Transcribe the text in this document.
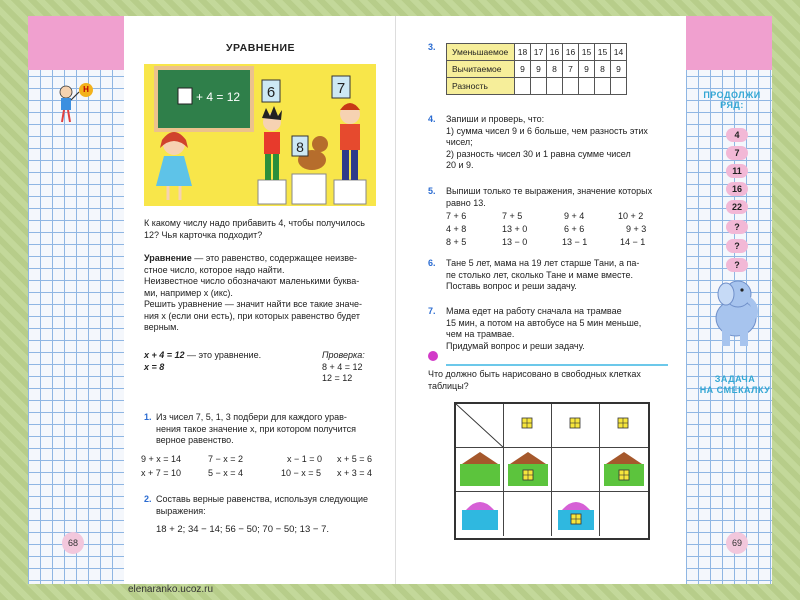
Н
УРАВНЕНИЕ
+ 4 = 12 6
8
7
К какому числу надо прибавить 4, чтобы получилось
12? Чья карточка подходит?
Уравнение — это равенство, содержащее неизве-
стное число, которое надо найти.
Неизвестное число обозначают маленькими буква-
ми, например x (икс).
Решить уравнение — значит найти все такие значе-
ния x (если они есть), при которых равенство будет
верным.
x + 4 = 12 — это уравнение.
x = 8
Проверка:
8 + 4 = 12
12 = 12
1. Из чисел 7, 5, 1, 3 подбери для каждого урав-
нения такое значение x, при котором получится
верное равенство.
9 + x = 14	7 − x = 2	x − 1 = 0 x + 5 = 6
x + 7 = 10	5 − x = 4	10 − x = 5 x + 3 = 4
2. Составь верные равенства, используя следующие
выражения:
18 + 2; 34 − 14; 56 − 50; 70 − 50; 13 − 7.
68
3. Уменьшаемое	18	17	16	16	15	15	14
Вычитаемое	9	9	8	7	9	8	9
Разность							
4. Запиши и проверь, что:
1) сумма чисел 9 и 6 больше, чем разность этих
чисел;
2) разность чисел 30 и 1 равна сумме чисел
20 и 9.
5. Выпиши только те выражения, значение которых
равно 13.
7 + 6	7 + 5	9 + 4	10 + 2
4 + 8	13 + 0	6 + 6	9 + 3
8 + 5	13 − 0	13 − 1	14 − 1
6. Тане 5 лет, мама на 19 лет старше Тани, а па-
пе столько лет, сколько Тане и маме вместе.
Поставь вопрос и реши задачу.
7. Мама едет на работу сначала на трамвае
15 мин, а потом на автобусе на 5 мин меньше,
чем на трамвае.
Придумай вопрос и реши задачу.
Что должно быть нарисовано в свободных клетках
таблицы?
69
ПРОДОЛЖИ РЯД:
4
7
11
16
22
?
?
?
ЗАДАЧА
НА СМЕКАЛКУ
elenaranko.ucoz.ru
